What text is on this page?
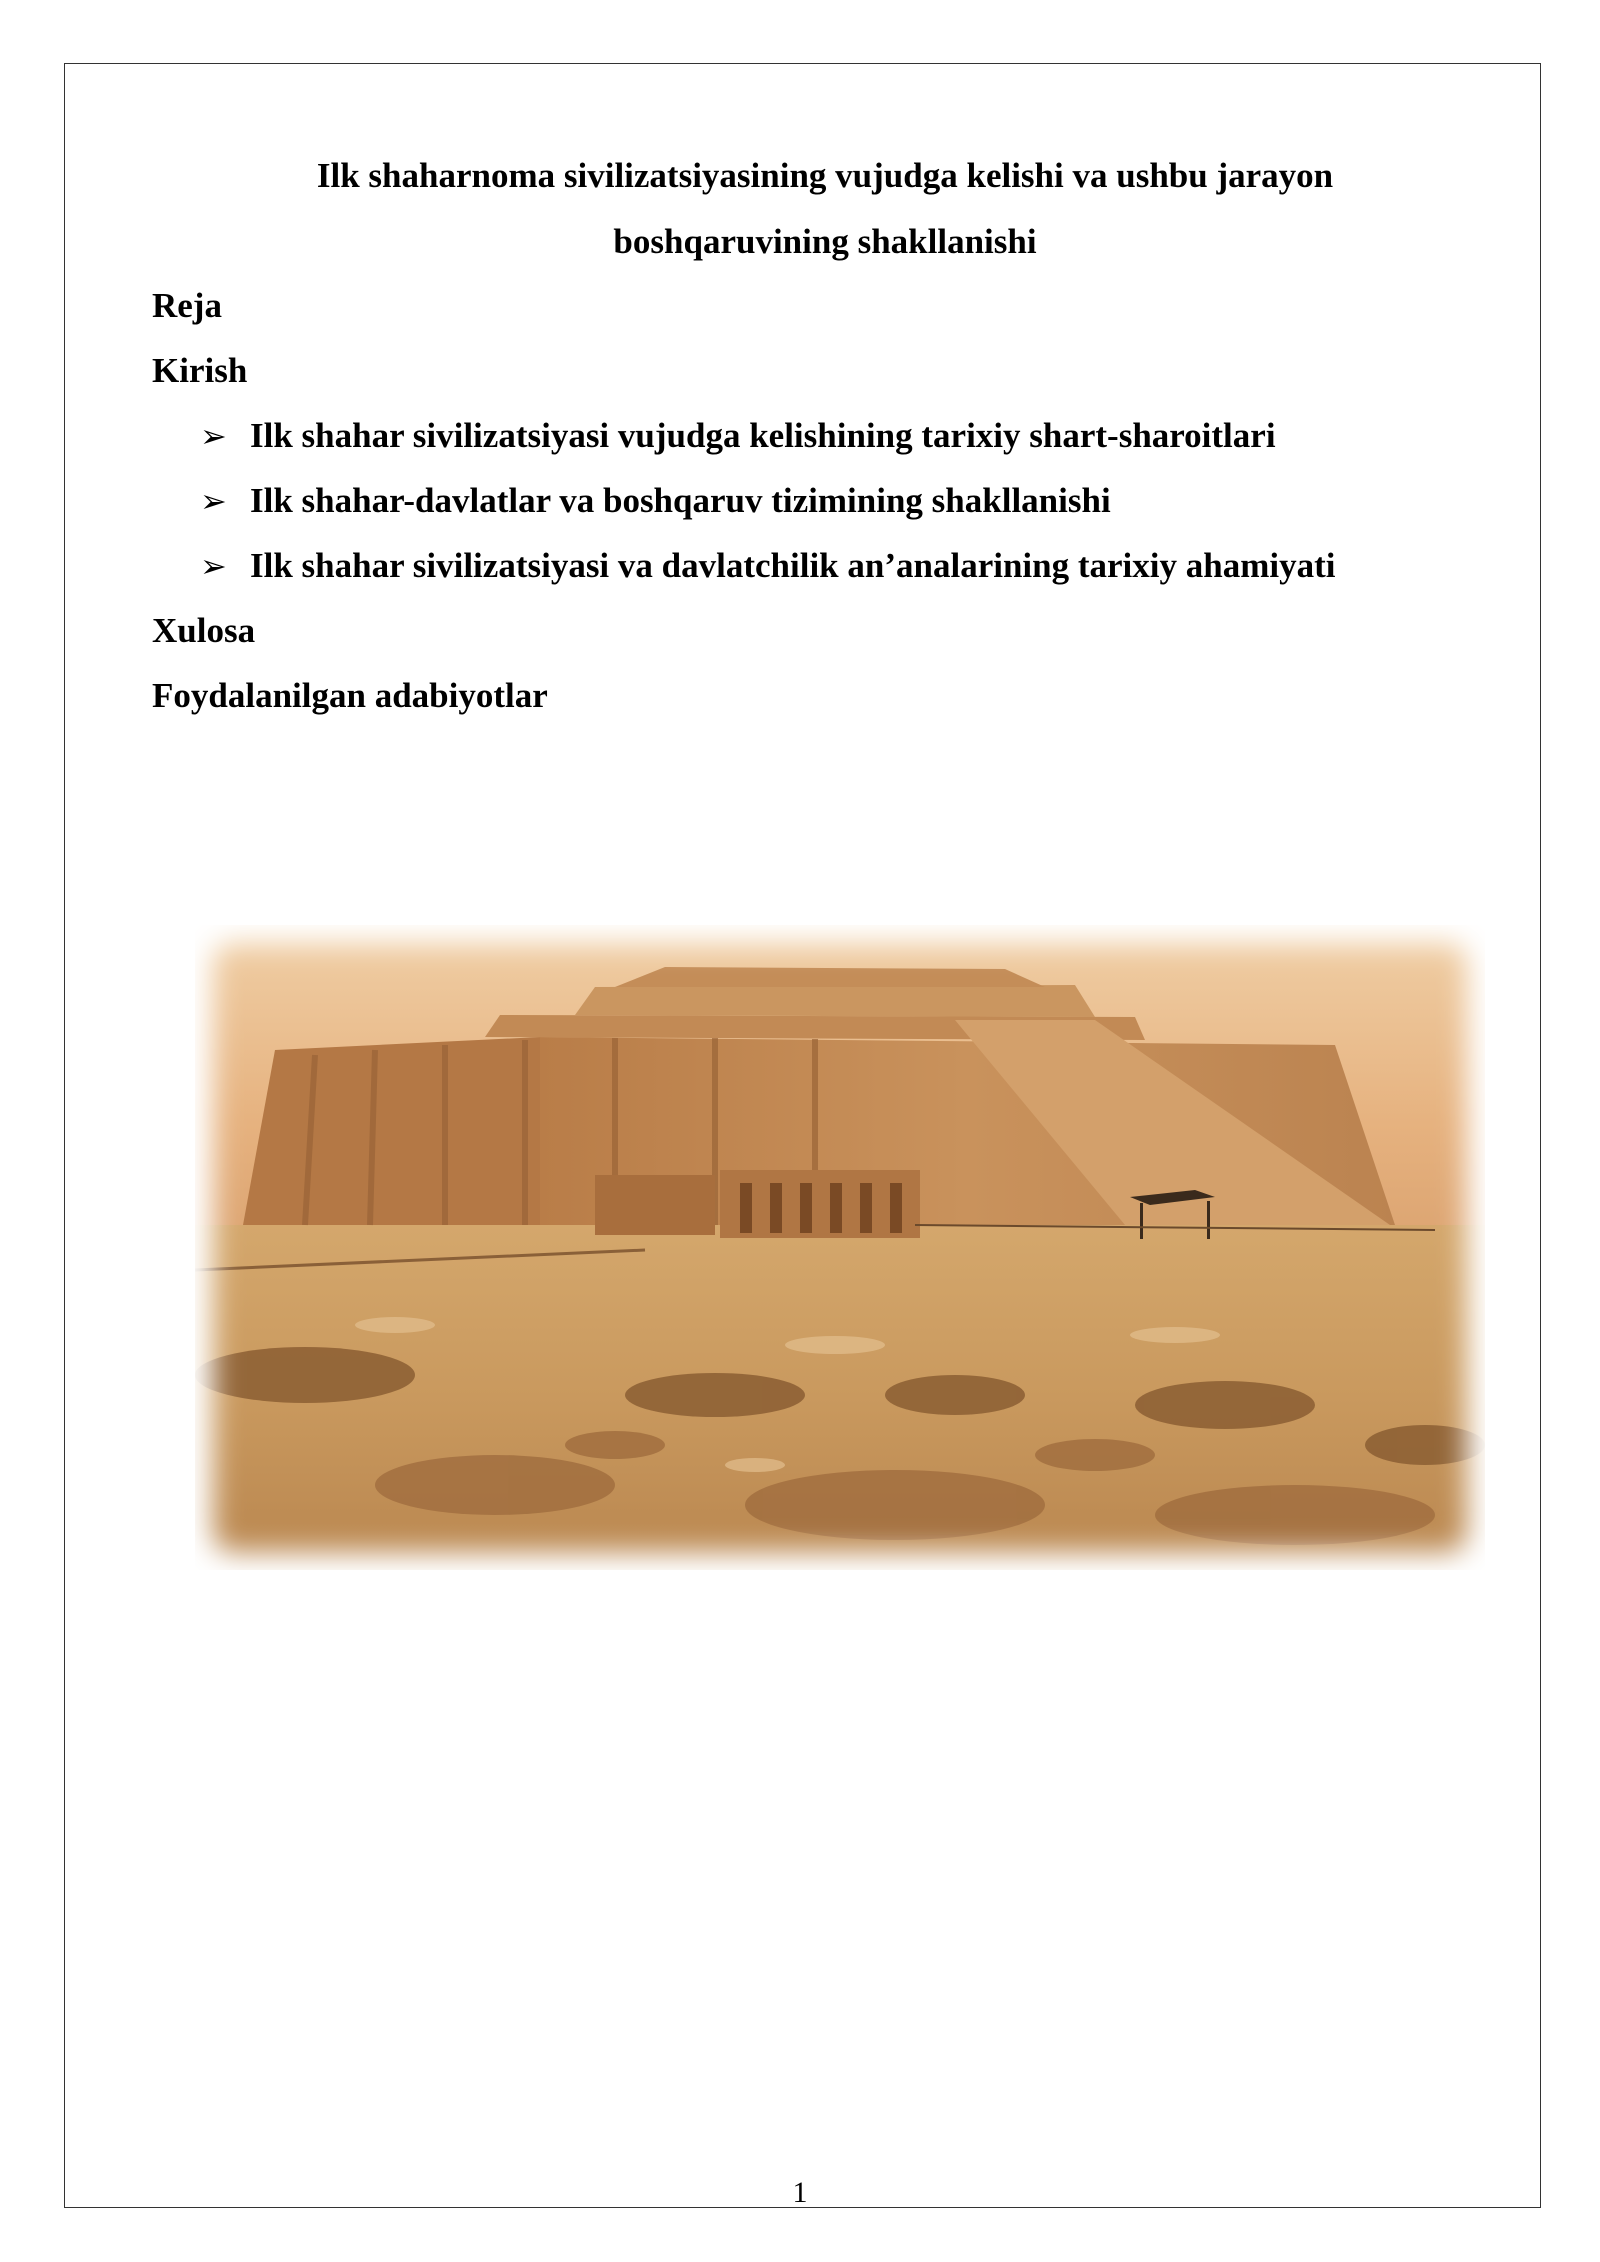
Ilk shaharnoma sivilizatsiyasining vujudga kelishi va ushbu jarayon
boshqaruvining shakllanishi
Reja
Kirish
➢ Ilk shahar sivilizatsiyasi vujudga kelishining tarixiy shart-sharoitlari
➢ Ilk shahar-davlatlar va boshqaruv tizimining shakllanishi
➢ Ilk shahar sivilizatsiyasi va davlatchilik an’analarining tarixiy ahamiyati
Xulosa
Foydalanilgan adabiyotlar
1
